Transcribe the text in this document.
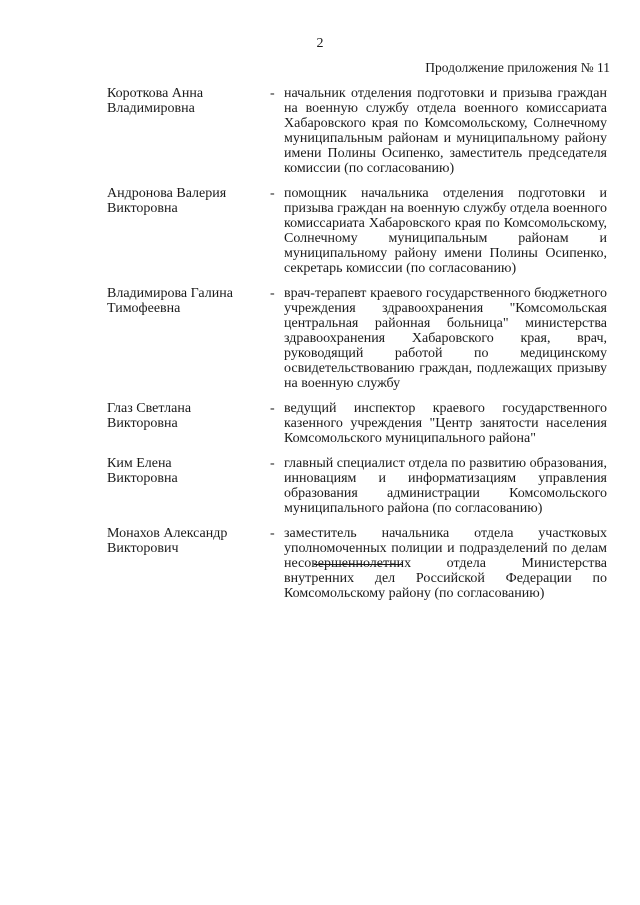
2
Продолжение приложения № 11
Короткова Анна
Владимировна
- начальник отделения подготовки и призыва граждан на военную службу отдела военного комиссариата Хабаровского края по Комсомольскому, Солнечному муниципальным районам и муниципальному району имени Полины Осипенко, заместитель председателя комиссии (по согласованию)
Андронова Валерия
Викторовна
- помощник начальника отделения подготовки и призыва граждан на военную службу отдела военного комиссариата Хабаровского края по Комсомольскому, Солнечному муниципальным районам и муниципальному району имени Полины Осипенко, секретарь комиссии (по согласованию)
Владимирова Галина
Тимофеевна
- врач-терапевт краевого государственного бюджетного учреждения здравоохранения "Комсомольская центральная районная больница" министерства здравоохранения Хабаровского края, врач, руководящий работой по медицинскому освидетельствованию граждан, подлежащих призыву на военную службу
Глаз Светлана
Викторовна
- ведущий инспектор краевого государственного казенного учреждения "Центр занятости населения Комсомольского муниципального района"
Ким Елена
Викторовна
- главный специалист отдела по развитию образования, инновациям и информатизациям управления образования администрации Комсомольского муниципального района (по согласованию)
Монахов Александр
Викторович
- заместитель начальника отдела участковых уполномоченных полиции и подразделений по делам несовершеннолетних отдела Министерства внутренних дел Российской Федерации по Комсомольскому району (по согласованию)
